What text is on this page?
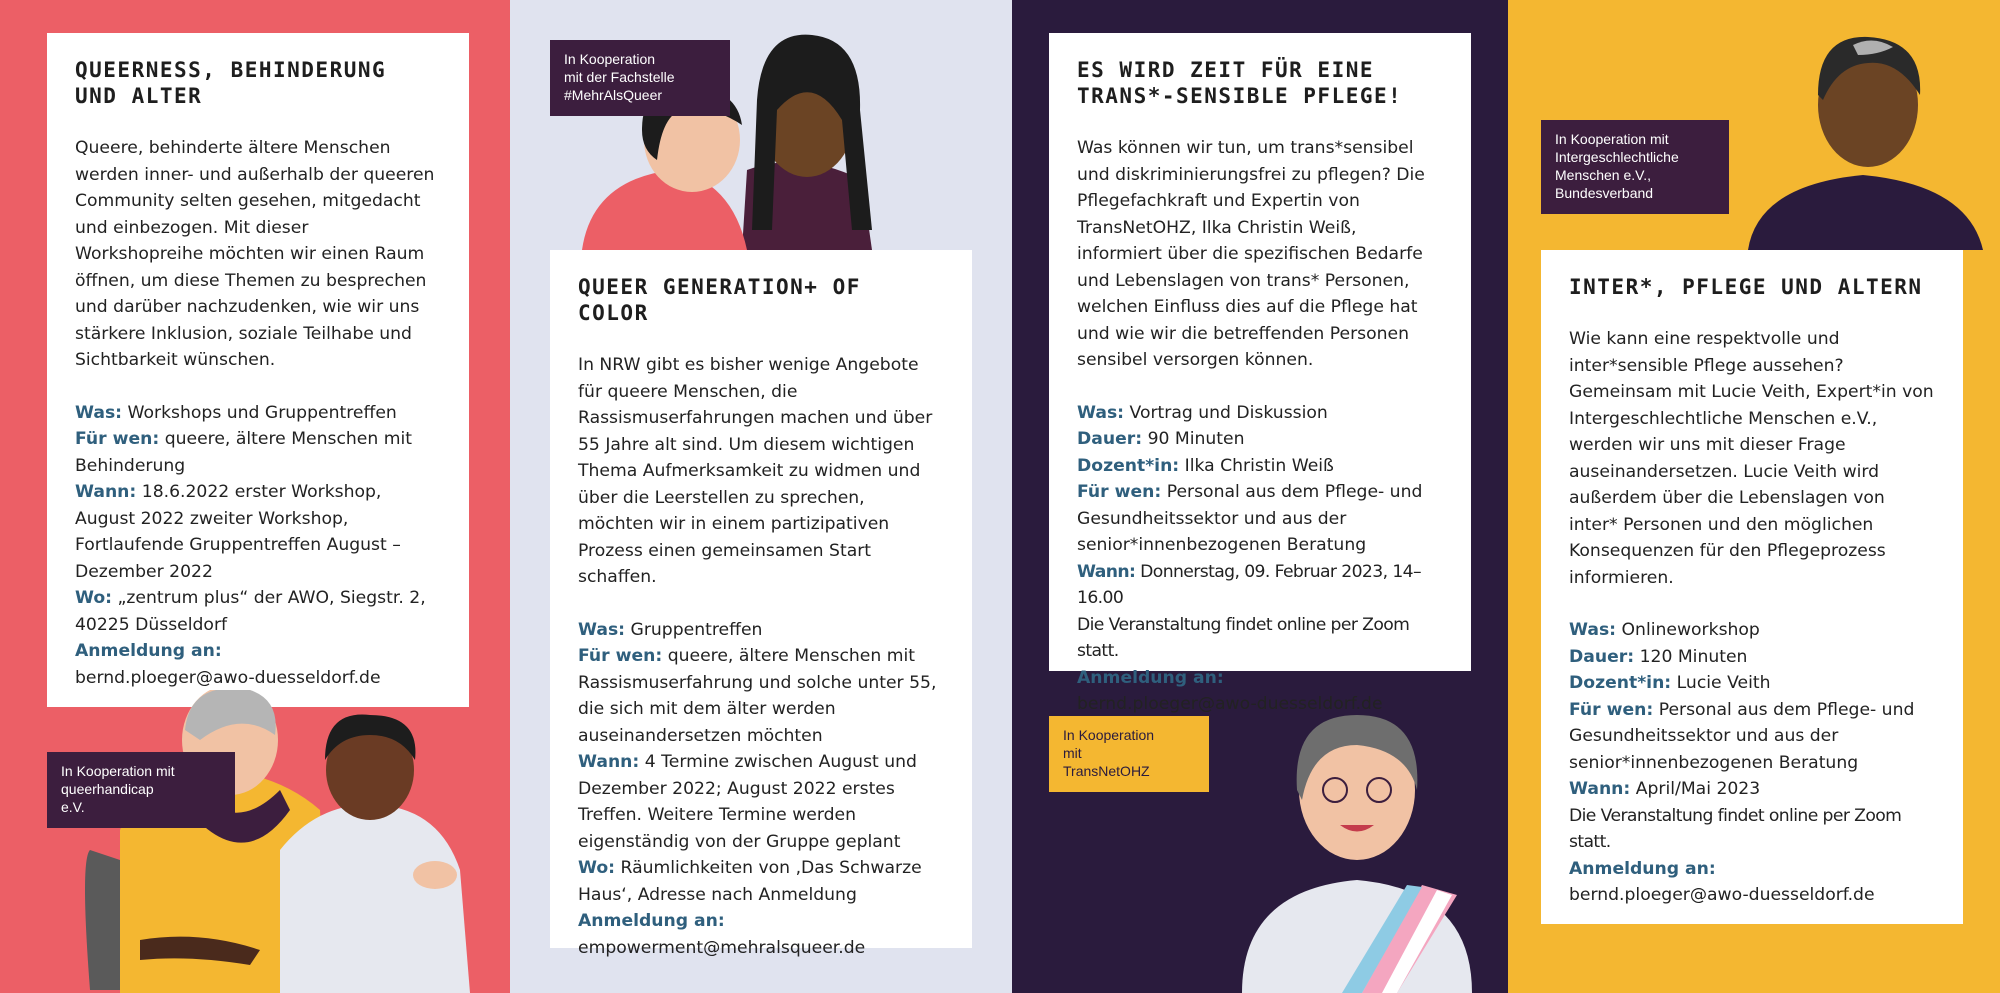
QUEERNESS, BEHINDERUNG UND ALTER

Queere, behinderte ältere Menschen werden inner- und außerhalb der queeren Community selten gesehen, mitgedacht und einbezogen. Mit dieser Workshopreihe möchten wir einen Raum öffnen, um diese Themen zu besprechen und darüber nachzudenken, wie wir uns stärkere Inklusion, soziale Teilhabe und Sichtbarkeit wünschen.

Was: Workshops und Gruppentreffen

Für wen: queere, ältere Menschen mit Behinderung

Wann: 18.6.2022 erster Workshop, August 2022 zweiter Workshop, Fortlaufende Gruppentreffen August – Dezember 2022

Wo: „zentrum plus“ der AWO, Siegstr. 2, 40225 Düsseldorf

Anmeldung an:
bernd.ploeger@awo-duesseldorf.de

In Kooperation mit
queerhandicap
e.V.
In Kooperation
mit der Fachstelle
#MehrAlsQueer
QUEER GENERATION+ OF COLOR

In NRW gibt es bisher wenige Angebote für queere Menschen, die Rassismuserfahrungen machen und über 55 Jahre alt sind. Um diesem wichtigen Thema Aufmerksamkeit zu widmen und über die Leerstellen zu sprechen, möchten wir in einem partizipativen Prozess einen gemeinsamen Start schaffen.

Was: Gruppentreffen

Für wen: queere, ältere Menschen mit Rassismuserfahrung und solche unter 55, die sich mit dem älter werden auseinandersetzen möchten

Wann: 4 Termine zwischen August und Dezember 2022; August 2022 erstes Treffen. Weitere Termine werden eigenständig von der Gruppe geplant

Wo: Räumlichkeiten von ‚Das Schwarze Haus‘, Adresse nach Anmeldung

Anmeldung an:
empowerment@mehralsqueer.de

ES WIRD ZEIT FÜR EINE TRANS*-SENSIBLE PFLEGE!

Was können wir tun, um trans*sensibel und diskriminierungsfrei zu pflegen? Die Pflegefachkraft und Expertin von TransNetOHZ, Ilka Christin Weiß, informiert über die spezifischen Bedarfe und Lebenslagen von trans* Personen, welchen Einfluss dies auf die Pflege hat und wie wir die betreffenden Personen sensibel versorgen können.

Was: Vortrag und Diskussion

Dauer: 90 Minuten

Dozent*in: Ilka Christin Weiß

Für wen: Personal aus dem Pflege- und Gesundheitssektor und aus der senior*innenbezogenen Beratung

Wann: Donnerstag, 09. Februar 2023, 14–16.00

Die Veranstaltung findet online per Zoom statt.

Anmeldung an:
bernd.ploeger@awo-duesseldorf.de

In Kooperation
mit
TransNetOHZ
In Kooperation mit
Intergeschlechtliche
Menschen e.V.,
Bundesverband
INTER*, PFLEGE UND ALTERN

Wie kann eine respektvolle und inter*sensible Pflege aussehen? Gemeinsam mit Lucie Veith, Expert*in von Intergeschlechtliche Menschen e.V., werden wir uns mit dieser Frage auseinandersetzen. Lucie Veith wird außerdem über die Lebenslagen von inter* Personen und den möglichen Konsequenzen für den Pflegeprozess informieren.

Was: Onlineworkshop

Dauer: 120 Minuten

Dozent*in: Lucie Veith

Für wen: Personal aus dem Pflege- und Gesundheitssektor und aus der senior*innenbezogenen Beratung

Wann: April/Mai 2023

Die Veranstaltung findet online per Zoom statt.

Anmeldung an:
bernd.ploeger@awo-duesseldorf.de
